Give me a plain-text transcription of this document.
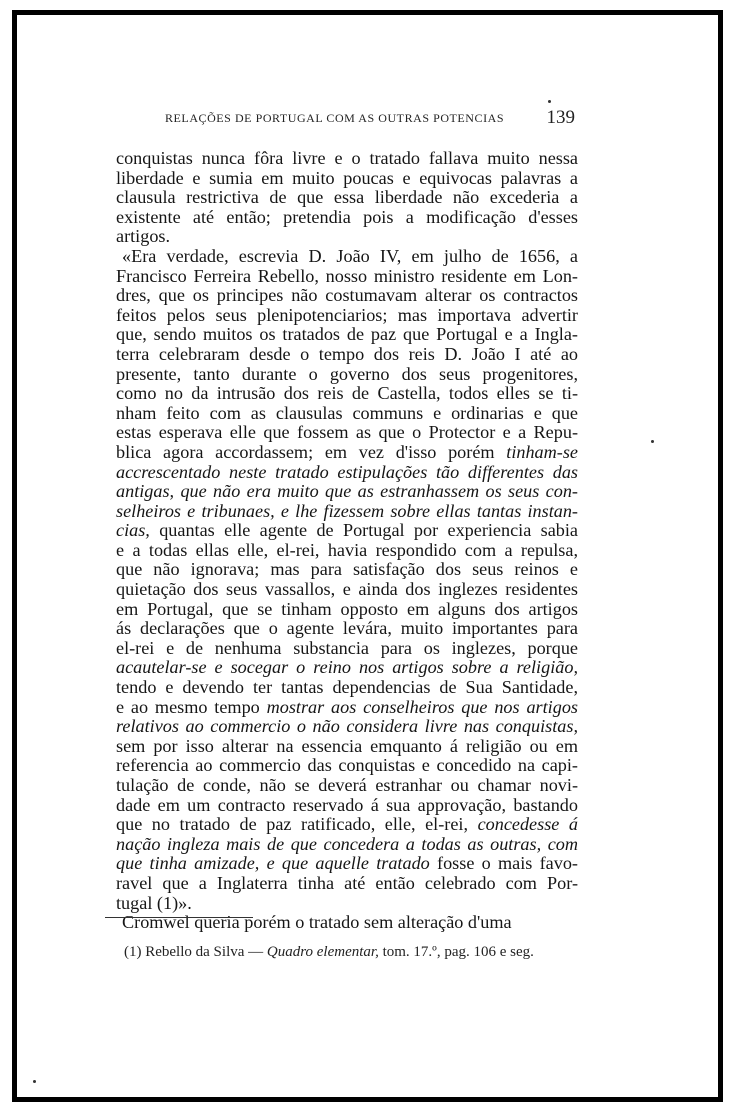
RELAÇÕES DE PORTUGAL COM AS OUTRAS POTENCIAS 139
conquistas nunca fôra livre e o tratado fallava muito nessa
liberdade e sumia em muito poucas e equivocas palavras a
clausula restrictiva de que essa liberdade não excederia a
existente até então; pretendia pois a modificação d'esses
artigos.
«Era verdade, escrevia D. João IV, em julho de 1656, a
Francisco Ferreira Rebello, nosso ministro residente em Lon-
dres, que os principes não costumavam alterar os contractos
feitos pelos seus plenipotenciarios; mas importava advertir
que, sendo muitos os tratados de paz que Portugal e a Ingla-
terra celebraram desde o tempo dos reis D. João I até ao
presente, tanto durante o governo dos seus progenitores,
como no da intrusão dos reis de Castella, todos elles se ti-
nham feito com as clausulas communs e ordinarias e que
estas esperava elle que fossem as que o Protector e a Repu-
blica agora accordassem; em vez d'isso porém tinham-se
accrescentado neste tratado estipulações tão differentes das
antigas, que não era muito que as estranhassem os seus con-
selheiros e tribunaes, e lhe fizessem sobre ellas tantas instan-
cias, quantas elle agente de Portugal por experiencia sabia
e a todas ellas elle, el-rei, havia respondido com a repulsa,
que não ignorava; mas para satisfação dos seus reinos e
quietação dos seus vassallos, e ainda dos inglezes residentes
em Portugal, que se tinham opposto em alguns dos artigos
ás declarações que o agente levára, muito importantes para
el-rei e de nenhuma substancia para os inglezes, porque
acautelar-se e socegar o reino nos artigos sobre a religião,
tendo e devendo ter tantas dependencias de Sua Santidade,
e ao mesmo tempo mostrar aos conselheiros que nos artigos
relativos ao commercio o não considera livre nas conquistas,
sem por isso alterar na essencia emquanto á religião ou em
referencia ao commercio das conquistas e concedido na capi-
tulação de conde, não se deverá estranhar ou chamar novi-
dade em um contracto reservado á sua approvação, bastando
que no tratado de paz ratificado, elle, el-rei, concedesse á
nação ingleza mais de que concedera a todas as outras, com
que tinha amizade, e que aquelle tratado fosse o mais favo-
ravel que a Inglaterra tinha até então celebrado com Por-
tugal (1)».
Cromwel queria porém o tratado sem alteração d'uma
(1) Rebello da Silva — Quadro elementar, tom. 17.º, pag. 106 e seg.
